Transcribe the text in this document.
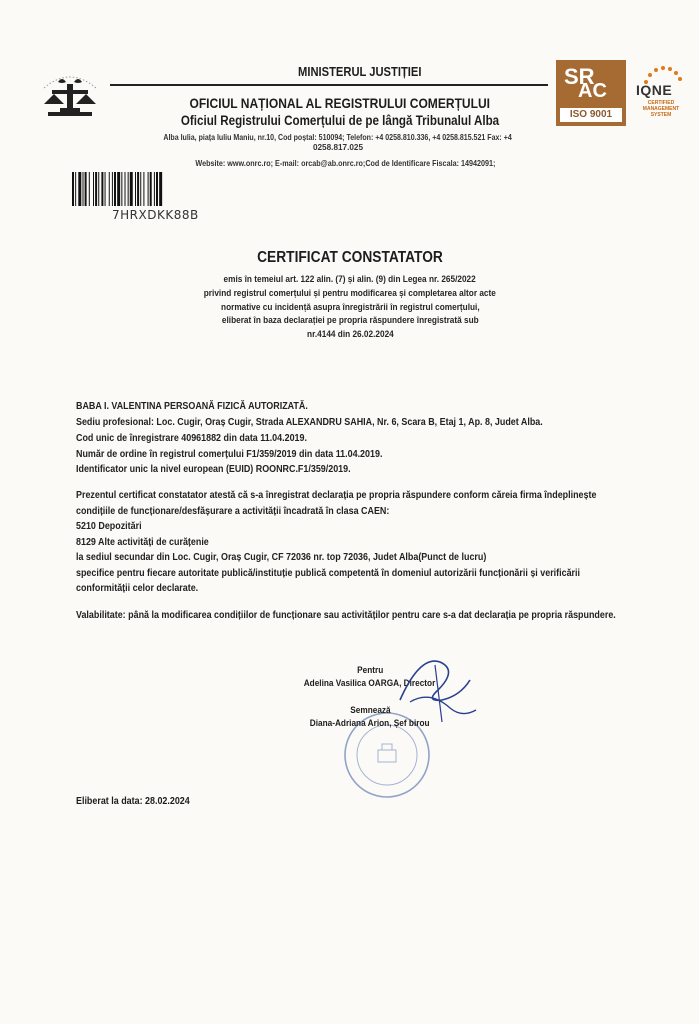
MINISTERUL JUSTIȚIEI
OFICIUL NAȚIONAL AL REGISTRULUI COMERȚULUI
Oficiul Registrului Comerțului de pe lângă Tribunalul Alba
Alba Iulia, piața Iuliu Maniu, nr.10, Cod poștal: 510094; Telefon: +4 0258.810.336, +4 0258.815.521 Fax: +4
0258.817.025
Website: www.onrc.ro; E-mail: orcab@ab.onrc.ro;Cod de Identificare Fiscala: 14942091;
SR
AC
ISO 9001
IQNE
CERTIFIED MANAGEMENT SYSTEM
7HRXDKK88B
CERTIFICAT CONSTATATOR
emis în temeiul art. 122 alin. (7) și alin. (9) din Legea nr. 265/2022
privind registrul comerțului și pentru modificarea și completarea altor acte
normative cu incidență asupra înregistrării în registrul comerțului,
eliberat în baza declarației pe propria răspundere înregistrată sub
nr.4144 din 26.02.2024
BABA I. VALENTINA PERSOANĂ FIZICĂ AUTORIZATĂ.
Sediu profesional: Loc. Cugir, Oraș Cugir, Strada ALEXANDRU SAHIA, Nr. 6, Scara B, Etaj 1, Ap. 8, Judet Alba.
Cod unic de înregistrare 40961882 din data 11.04.2019.
Număr de ordine în registrul comerțului F1/359/2019 din data 11.04.2019.
Identificator unic la nivel european (EUID) ROONRC.F1/359/2019.
Prezentul certificat constatator atestă că s-a înregistrat declarația pe propria răspundere conform căreia firma îndeplinește
condițiile de funcționare/desfășurare a activității încadrată în clasa CAEN:
5210 Depozitări
8129 Alte activități de curățenie
la sediul secundar din Loc. Cugir, Oraș Cugir, CF 72036 nr. top 72036, Judet Alba(Punct de lucru)
specifice pentru fiecare autoritate publică/instituție publică competentă în domeniul autorizării funcționării și verificării
conformității celor declarate.
Valabilitate: până la modificarea condițiilor de funcționare sau activităților pentru care s-a dat declarația pe propria răspundere.
Pentru
Adelina Vasilica OARGA, Director
Semnează
Diana-Adriana Arion, Șef birou
Eliberat la data: 28.02.2024
